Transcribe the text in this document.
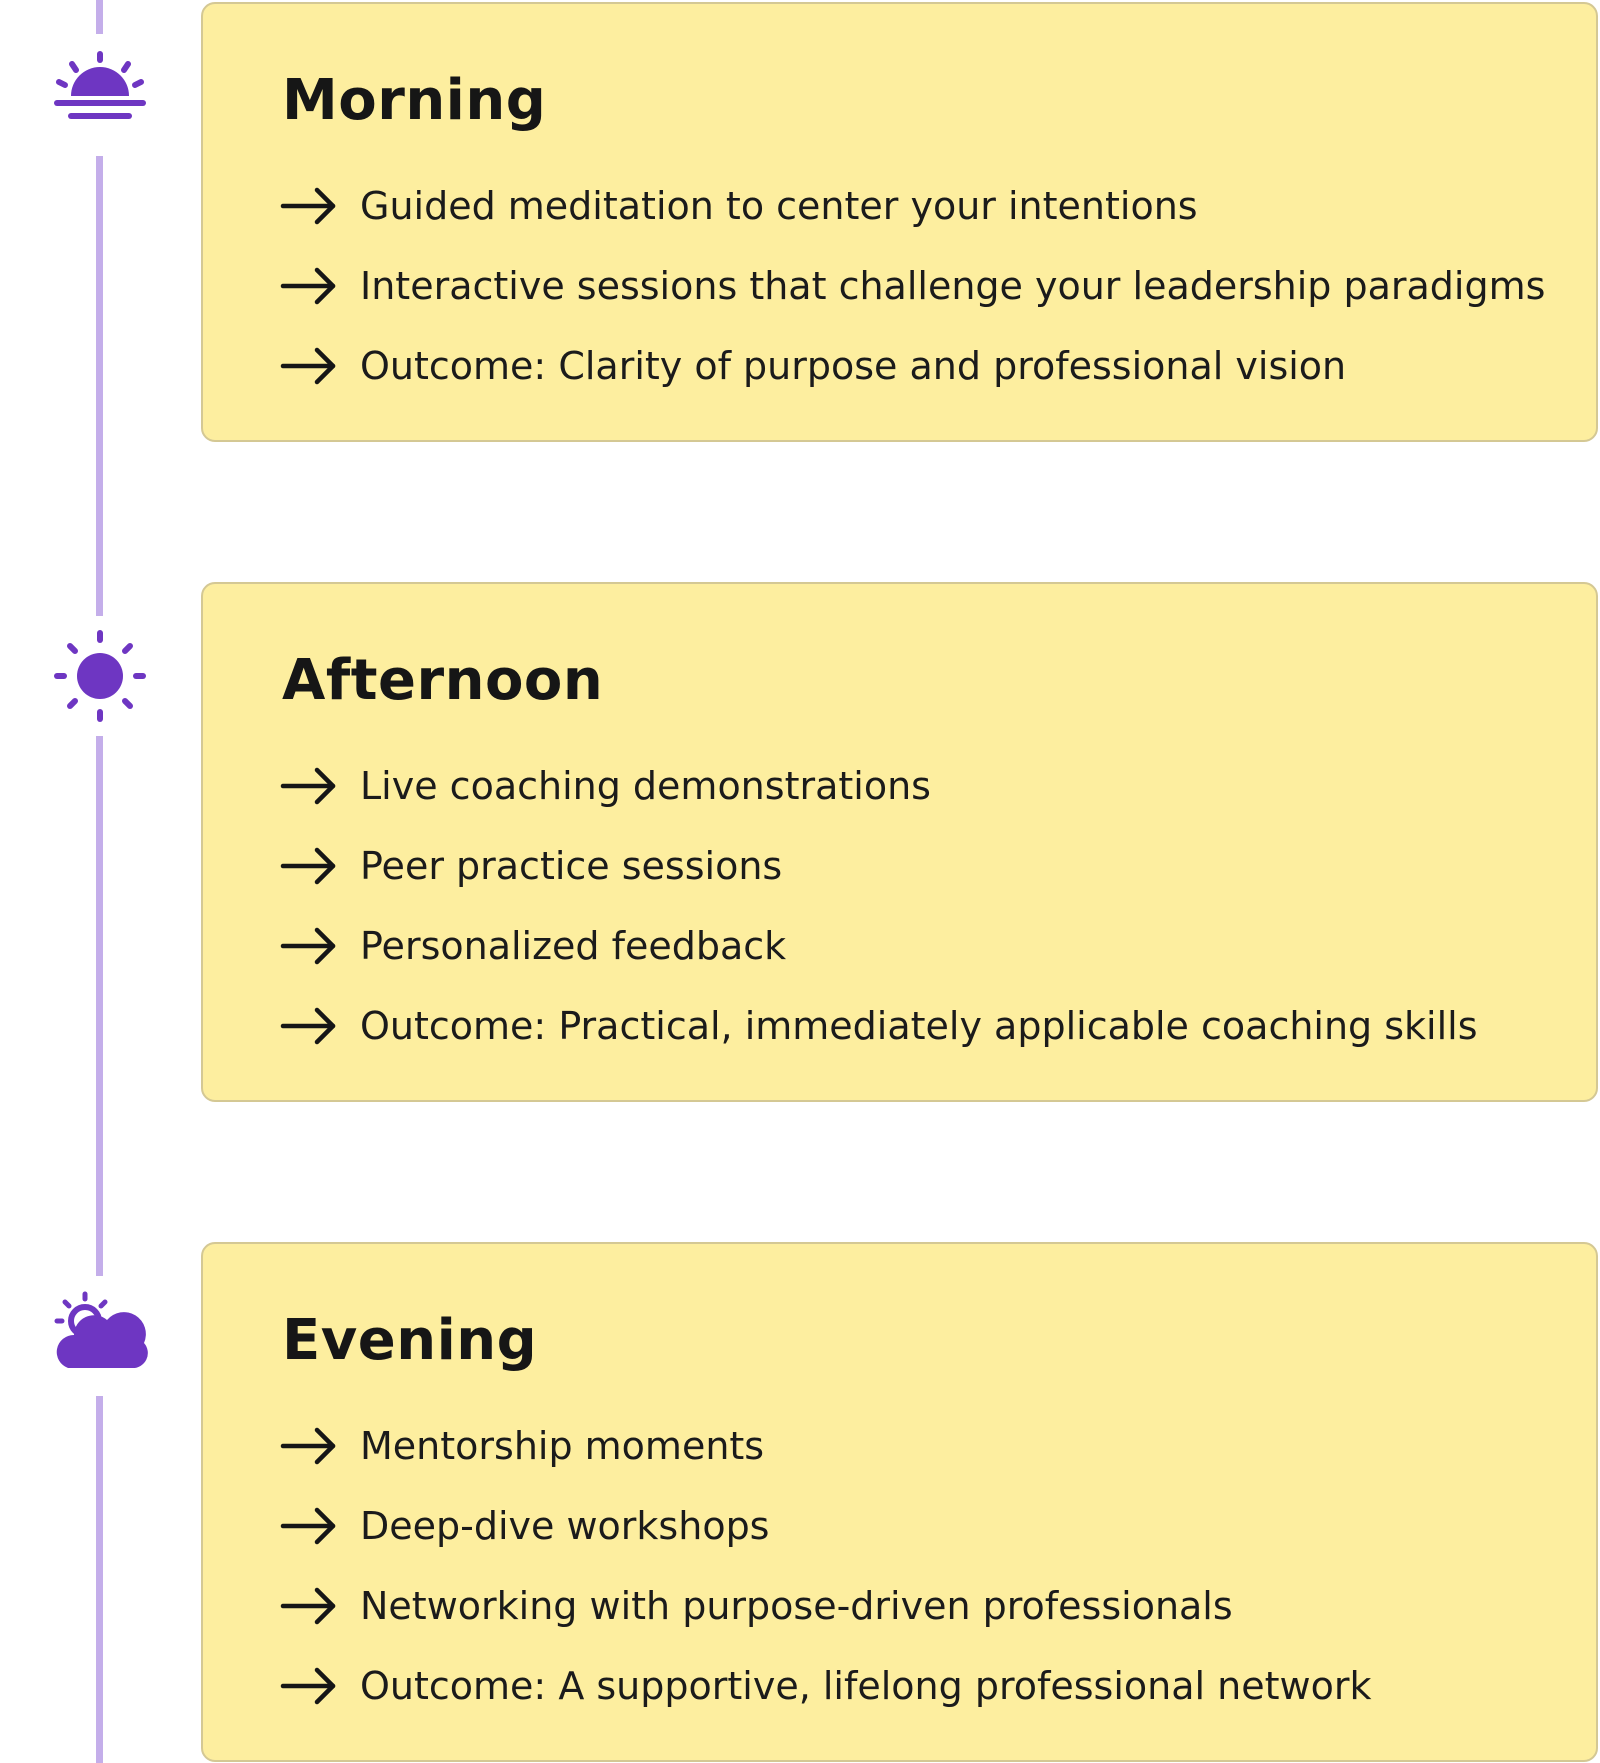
Morning
Guided meditation to center your intentions
Interactive sessions that challenge your leadership paradigms
Outcome: Clarity of purpose and professional vision
Afternoon
Live coaching demonstrations
Peer practice sessions
Personalized feedback
Outcome: Practical, immediately applicable coaching skills
Evening
Mentorship moments
Deep-dive workshops
Networking with purpose-driven professionals
Outcome: A supportive, lifelong professional network
